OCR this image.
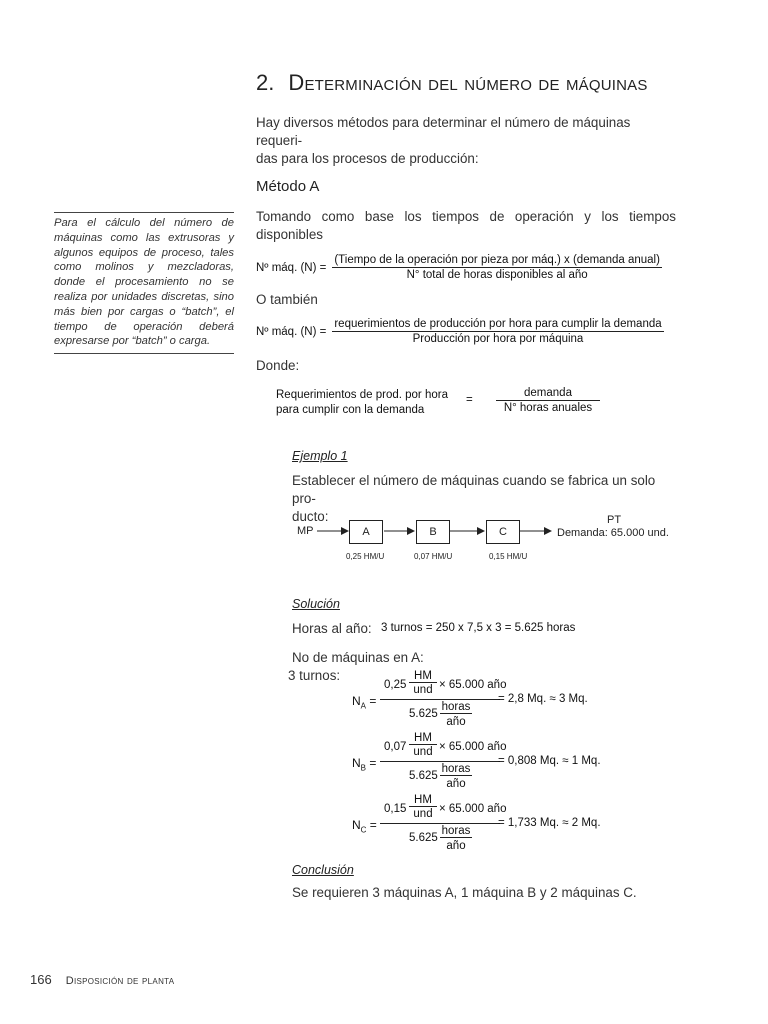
2. Determinación del número de máquinas
Hay diversos métodos para determinar el número de máquinas requeri-
das para los procesos de producción:
Método A
Para el cálculo del número de máquinas como las extrusoras y algunos equipos de proceso, tales como molinos y mezcladoras, donde el procesamiento no se realiza por unidades discretas, sino más bien por cargas o “batch”, el tiempo de operación deberá expresarse por “batch” o carga.
Tomando como base los tiempos de operación y los tiempos disponibles
Nº máq. (N) =
(Tiempo de la operación por pieza por máq.) x (demanda anual)
N° total de horas disponibles al año
O también
Nº máq. (N) =
requerimientos de producción por hora para cumplir la demanda
Producción por hora por máquina
Donde:
Requerimientos de prod. por hora
para cumplir con la demanda
= $\frac{\text{demanda}}{\text{N° horas anuales}}$
Ejemplo 1
Establecer el número de máquinas cuando se fabrica un solo pro-
ducto:
MP	A	B	C
0,25 HM/U	0,07 HM/U	0,15 HM/U
PT
Demanda: 65.000 und.
Solución
Horas al año: 3 turnos = 250 x 7,5 x 3 = 5.625 horas
No de máquinas en A:
3 turnos:
$N_A$ =
0,25
HM
und × 65.000 año
5.625
horas
año
= 2,8 Mq. ≈ 3 Mq.
$N_B$ =
0,07
HM
und × 65.000 año
5.625
horas
año
= 0,808 Mq. ≈ 1 Mq.
$N_C$ =
0,15
HM
und × 65.000 año
5.625
horas
año
= 1,733 Mq. ≈ 2 Mq.
Conclusión
Se requieren 3 máquinas A, 1 máquina B y 2 máquinas C.
166 Disposición de planta
